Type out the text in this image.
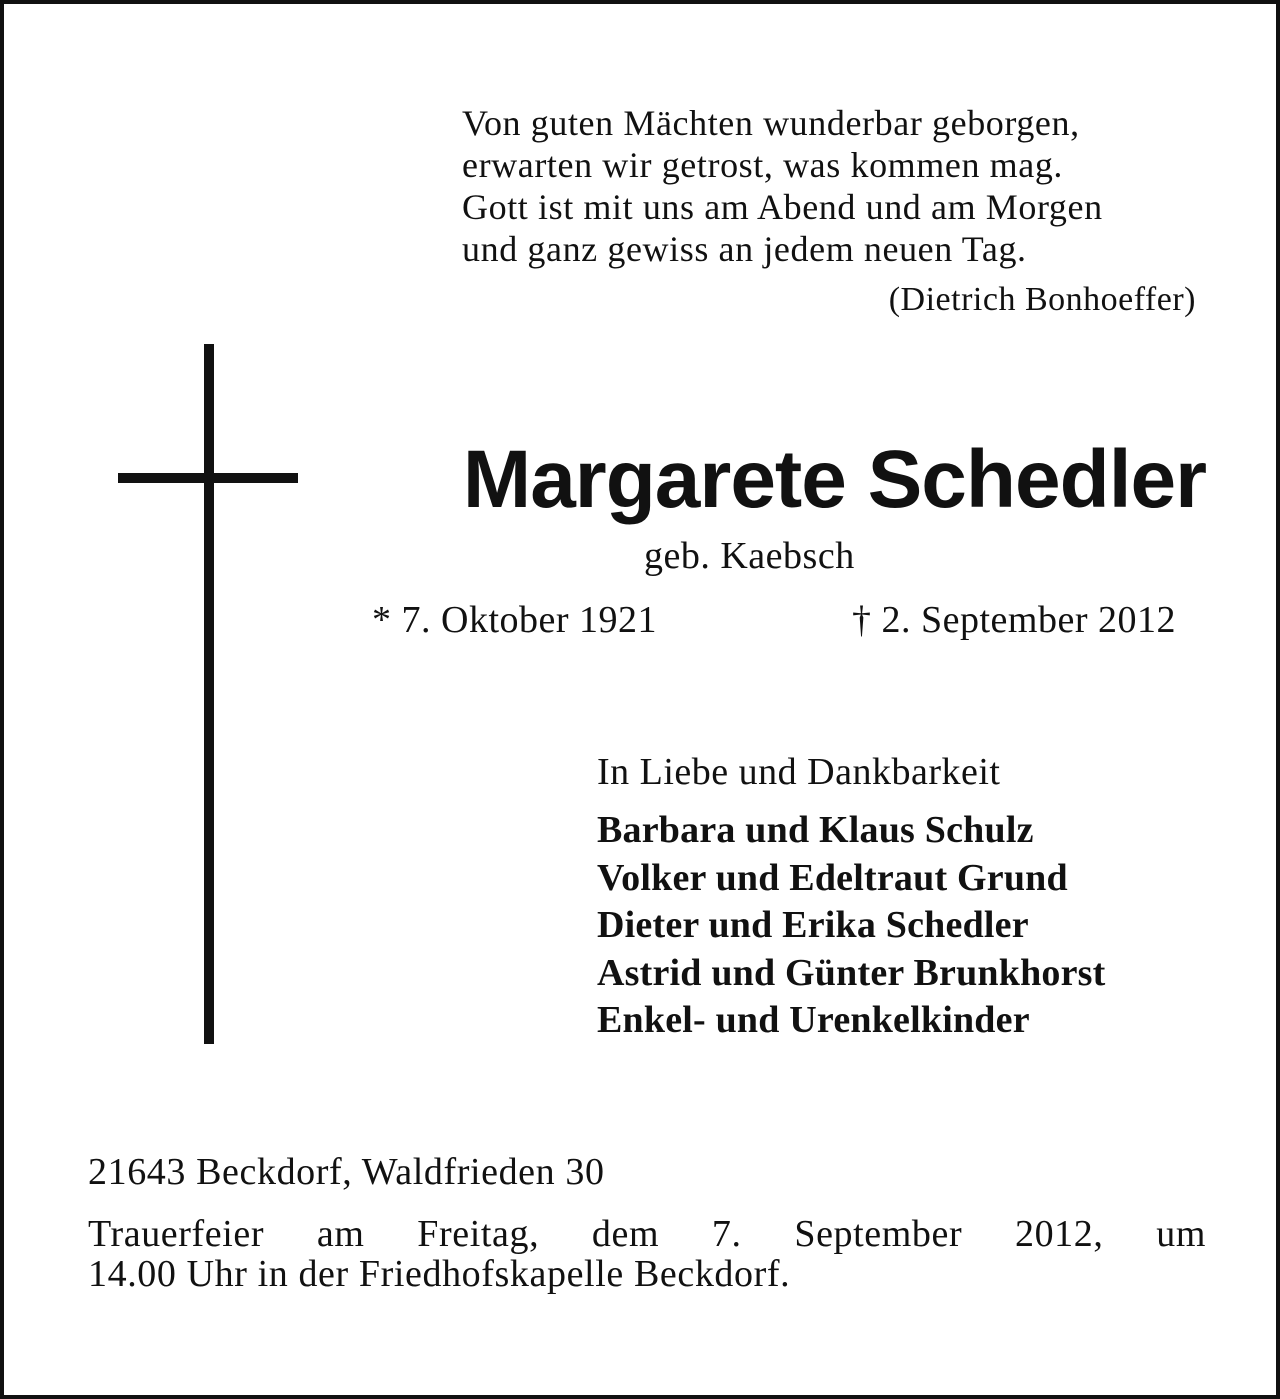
Von guten Mächten wunderbar geborgen,
erwarten wir getrost, was kommen mag.
Gott ist mit uns am Abend und am Morgen
und ganz gewiss an jedem neuen Tag.
(Dietrich Bonhoeffer)
Margarete Schedler
geb. Kaebsch
* 7. Oktober 1921	† 2. September 2012
In Liebe und Dankbarkeit
Barbara und Klaus Schulz
Volker und Edeltraut Grund
Dieter und Erika Schedler
Astrid und Günter Brunkhorst
Enkel- und Urenkelkinder
21643 Beckdorf, Waldfrieden 30
Trauerfeier am Freitag, dem 7. September 2012, um
14.00 Uhr in der Friedhofskapelle Beckdorf.
